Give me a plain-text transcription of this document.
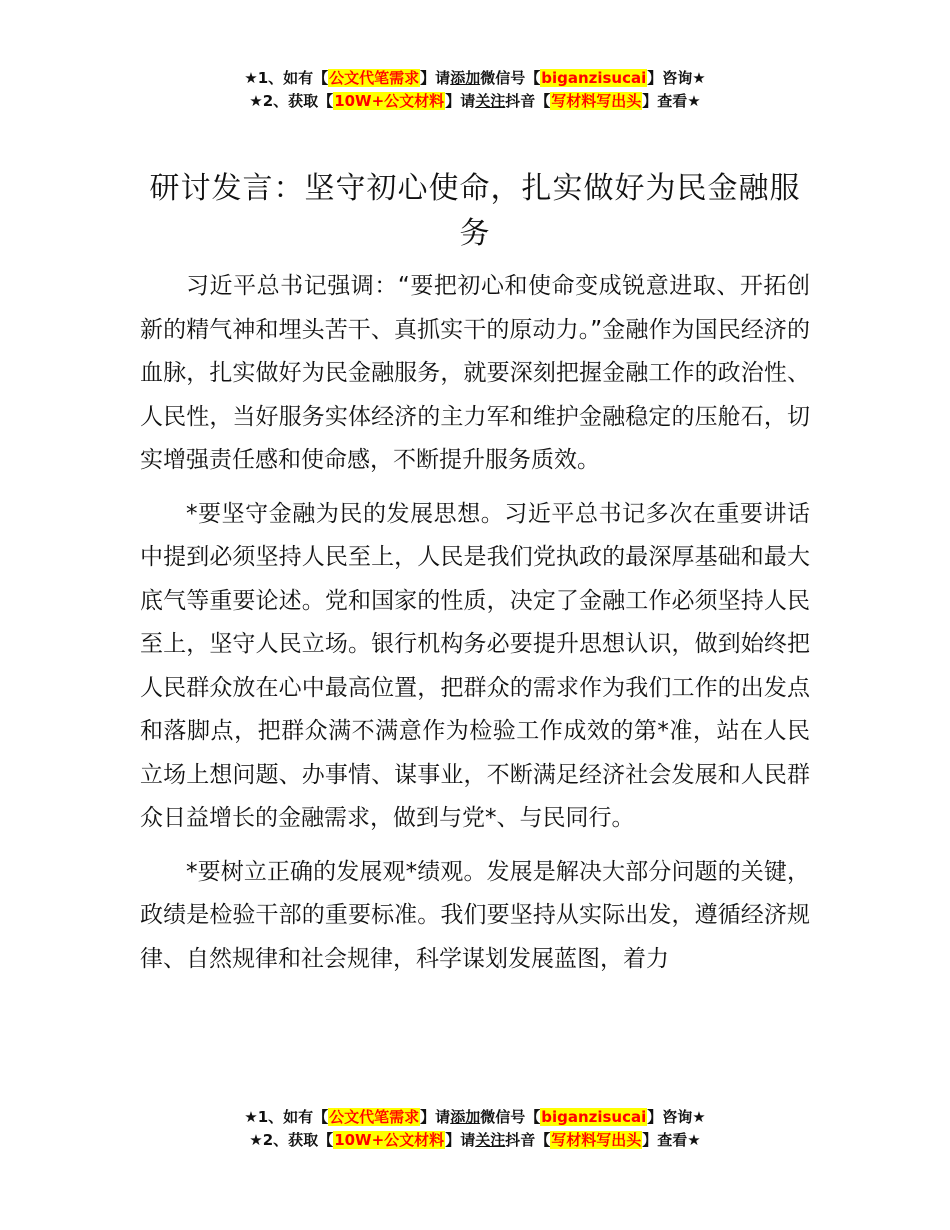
★1、如有【公文代笔需求】请添加微信号【biganzisucai】咨询★
★2、获取【10W+公文材料】请关注抖音【写材料写出头】查看★
研讨发言：坚守初心使命，扎实做好为民金融服务

习近平总书记强调：“要把初心和使命变成锐意进取、开拓创新的精气神和埋头苦干、真抓实干的原动力。”金融作为国民经济的血脉，扎实做好为民金融服务，就要深刻把握金融工作的政治性、人民性，当好服务实体经济的主力军和维护金融稳定的压舱石，切实增强责任感和使命感，不断提升服务质效。

*要坚守金融为民的发展思想。习近平总书记多次在重要讲话中提到必须坚持人民至上，人民是我们党执政的最深厚基础和最大底气等重要论述。党和国家的性质，决定了金融工作必须坚持人民至上，坚守人民立场。银行机构务必要提升思想认识，做到始终把人民群众放在心中最高位置，把群众的需求作为我们工作的出发点和落脚点，把群众满不满意作为检验工作成效的第*准，站在人民立场上想问题、办事情、谋事业，不断满足经济社会发展和人民群众日益增长的金融需求，做到与党*、与民同行。

*要树立正确的发展观*绩观。发展是解决大部分问题的关键，政绩是检验干部的重要标准。我们要坚持从实际出发，遵循经济规律、自然规律和社会规律，科学谋划发展蓝图，着力

★1、如有【公文代笔需求】请添加微信号【biganzisucai】咨询★
★2、获取【10W+公文材料】请关注抖音【写材料写出头】查看★
